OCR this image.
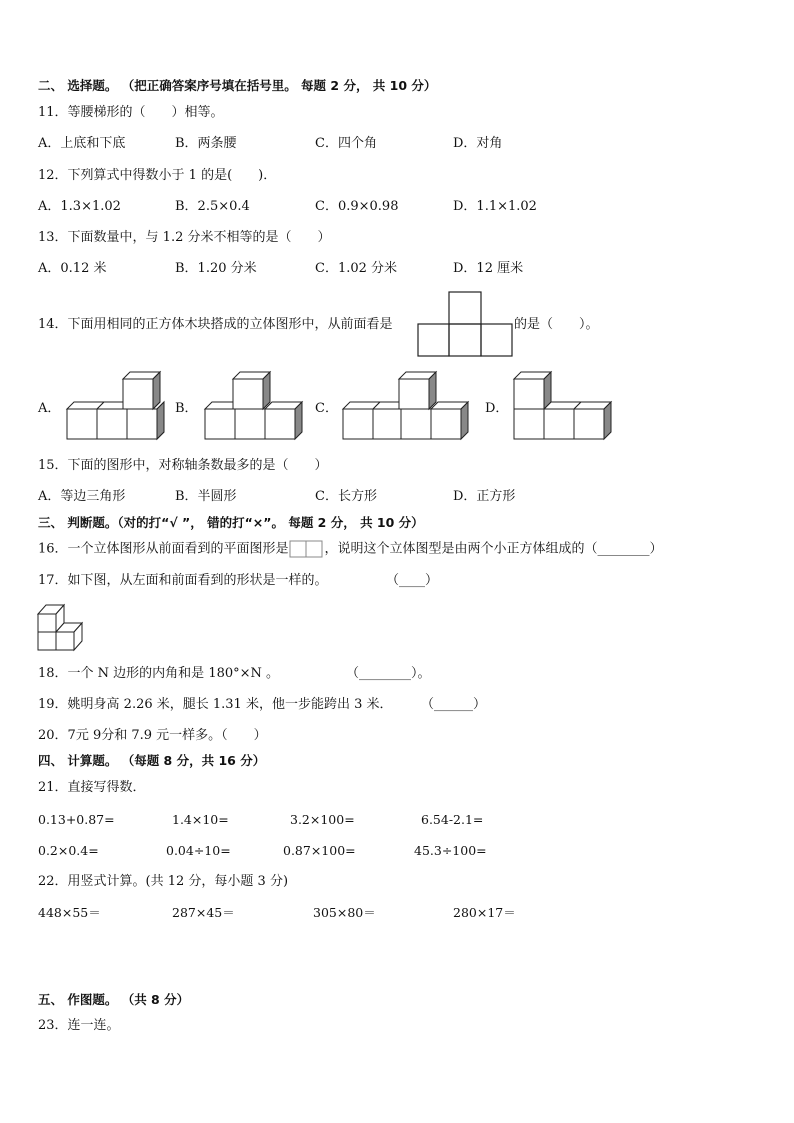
二、 选择题。 （把正确答案序号填在括号里。 每题 2 分， 共 10 分）
11．等腰梯形的（　　）相等。
A．上底和下底	B．两条腰	C．四个角	D．对角
12．下列算式中得数小于 1 的是(　　)．
A．1.3×1.02	B．2.5×0.4	C．0.9×0.98	D．1.1×1.02
13．下面数量中，与 1.2 分米不相等的是（　　）
A．0.12 米	B．1.20 分米	C．1.02 分米	D．12 厘米
14．下面用相同的正方体木块搭成的立体图形中，从前面看是	的是（　　）。
A．	B．	C．	D．
15．下面的图形中，对称轴条数最多的是（　　）
A．等边三角形	B．半圆形	C．长方形	D．正方形
三、 判断题。（对的打“√ ”， 错的打“×”。 每题 2 分， 共 10 分）
16．一个立体图形从前面看到的平面图形是	，说明这个立体图型是由两个小正方体组成的（________）
17．如下图，从左面和前面看到的形状是一样的。	（____）
18．一个 N 边形的内角和是 180°×N 。	（________）。
19．姚明身高 2.26 米，腿长 1.31 米，他一步能跨出 3 米． （______）
20．7元 9分和 7.9 元一样多。（　　）
四、 计算题。 （每题 8 分，共 16 分）
21．直接写得数．
0.13+0.87=	1.4×10=	3.2×100=	6.54-2.1=
0.2×0.4=	0.04÷10=	0.87×100=	45.3÷100=
22．用竖式计算。(共 12 分，每小题 3 分)
448×55＝	287×45＝	305×80＝	280×17＝
五、 作图题。 （共 8 分）
23．连一连。
